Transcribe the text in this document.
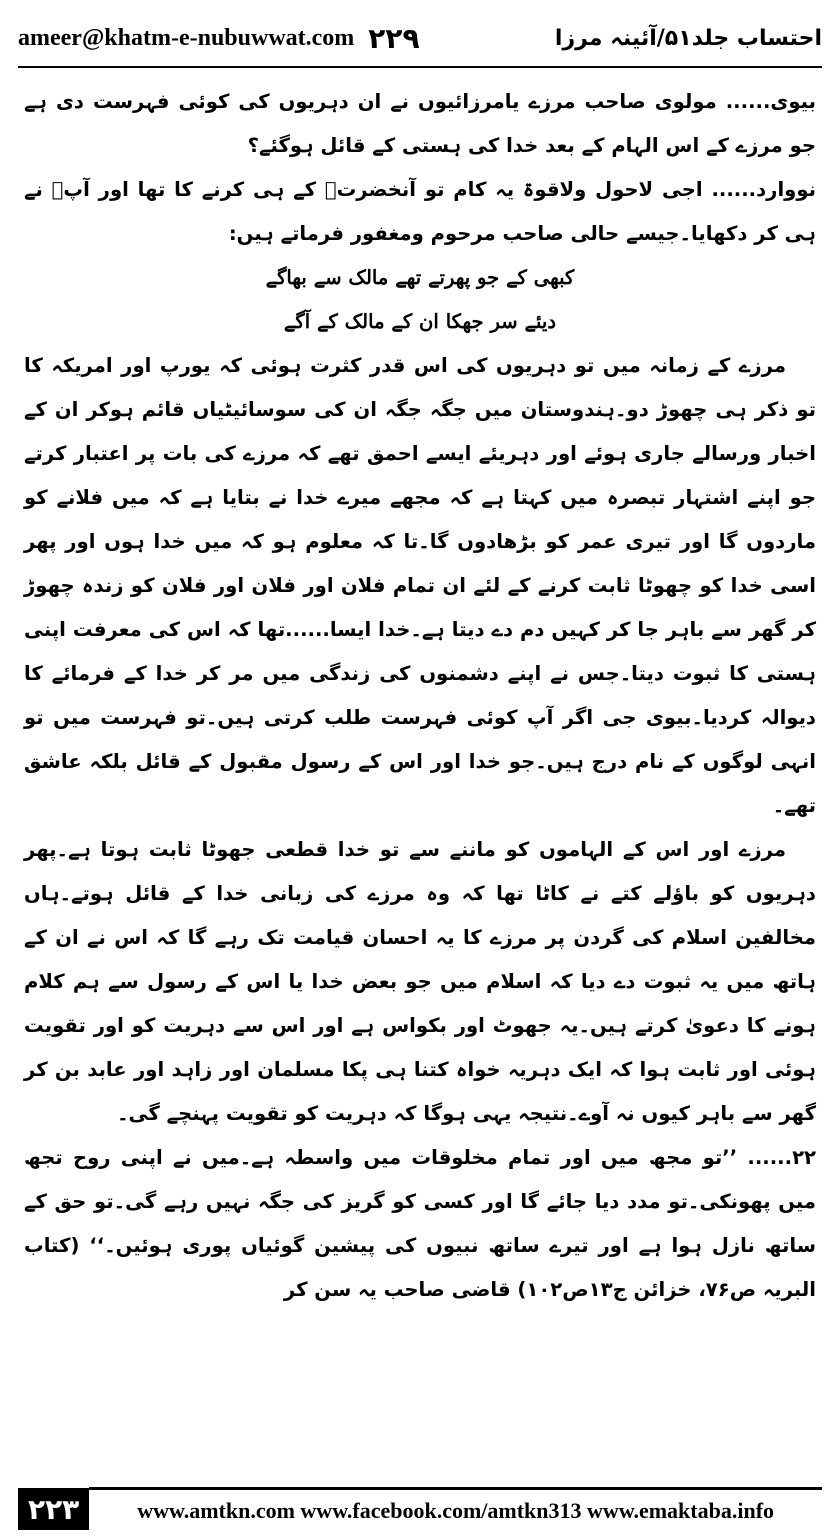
ameer@khatm-e-nubuwwat.com ۲۲۹	احتساب جلد۵۱/آئینہ مرزا

بیوی...... مولوی صاحب مرزے یامرزائیوں نے ان دہریوں کی کوئی فہرست دی ہے جو مرزے کے اس الہام کے بعد خدا کی ہستی کے قائل ہوگئے؟

نووارد...... اجی لاحول ولاقوۃ یہ کام تو آنخضرتﷺ کے ہی کرنے کا تھا اور آپؐ نے ہی کر دکھایا۔جیسے حالی صاحب مرحوم ومغفور فرماتے ہیں:

کبھی کے جو پھرتے تھے مالک سے بھاگے

دیئے سر جھکا ان کے مالک کے آگے

مرزے کے زمانہ میں تو دہریوں کی اس قدر کثرت ہوئی کہ یورپ اور امریکہ کا تو ذکر ہی چھوڑ دو۔ہندوستان میں جگہ جگہ ان کی سوسائیٹیاں قائم ہوکر ان کے اخبار ورسالے جاری ہوئے اور دہریئے ایسے احمق تھے کہ مرزے کی بات پر اعتبار کرتے جو اپنے اشتہار تبصرہ میں کہتا ہے کہ مجھے میرے خدا نے بتایا ہے کہ میں فلانے کو ماردوں گا اور تیری عمر کو بڑھادوں گا۔تا کہ معلوم ہو کہ میں خدا ہوں اور پھر اسی خدا کو چھوٹا ثابت کرنے کے لئے ان تمام فلان اور فلان اور فلان کو زندہ چھوڑ کر گھر سے باہر جا کر کہیں دم دے دیتا ہے۔خدا ایسا......تھا کہ اس کی معرفت اپنی ہستی کا ثبوت دیتا۔جس نے اپنے دشمنوں کی زندگی میں مر کر خدا کے فرمائے کا دیوالہ کردیا۔بیوی جی اگر آپ کوئی فہرست طلب کرتی ہیں۔تو فہرست میں تو انہی لوگوں کے نام درج ہیں۔جو خدا اور اس کے رسول مقبول کے قائل بلکہ عاشق تھے۔

مرزے اور اس کے الہاموں کو ماننے سے تو خدا قطعی جھوٹا ثابت ہوتا ہے۔پھر دہریوں کو باؤلے کتے نے کاٹا تھا کہ وہ مرزے کی زبانی خدا کے قائل ہوتے۔ہاں مخالفین اسلام کی گردن پر مرزے کا یہ احسان قیامت تک رہے گا کہ اس نے ان کے ہاتھ میں یہ ثبوت دے دیا کہ اسلام میں جو بعض خدا یا اس کے رسول سے ہم کلام ہونے کا دعویٰ کرتے ہیں۔یہ جھوٹ اور بکواس ہے اور اس سے دہریت کو اور تقویت ہوئی اور ثابت ہوا کہ ایک دہریہ خواہ کتنا ہی پکا مسلمان اور زاہد اور عابد بن کر گھر سے باہر کیوں نہ آوے۔نتیجہ یہی ہوگا کہ دہریت کو تقویت پہنچے گی۔

۲۲...... ’’تو مجھ میں اور تمام مخلوقات میں واسطہ ہے۔میں نے اپنی روح تجھ میں پھونکی۔تو مدد دیا جائے گا اور کسی کو گریز کی جگہ نہیں رہے گی۔تو حق کے ساتھ نازل ہوا ہے اور تیرے ساتھ نبیوں کی پیشین گوئیاں پوری ہوئیں۔‘‘ (کتاب البریہ ص۷۶، خزائن ج۱۳ص۱۰۲) قاضی صاحب یہ سن کر

۲۲۳	www.amtkn.com www.facebook.com/amtkn313 www.emaktaba.info
